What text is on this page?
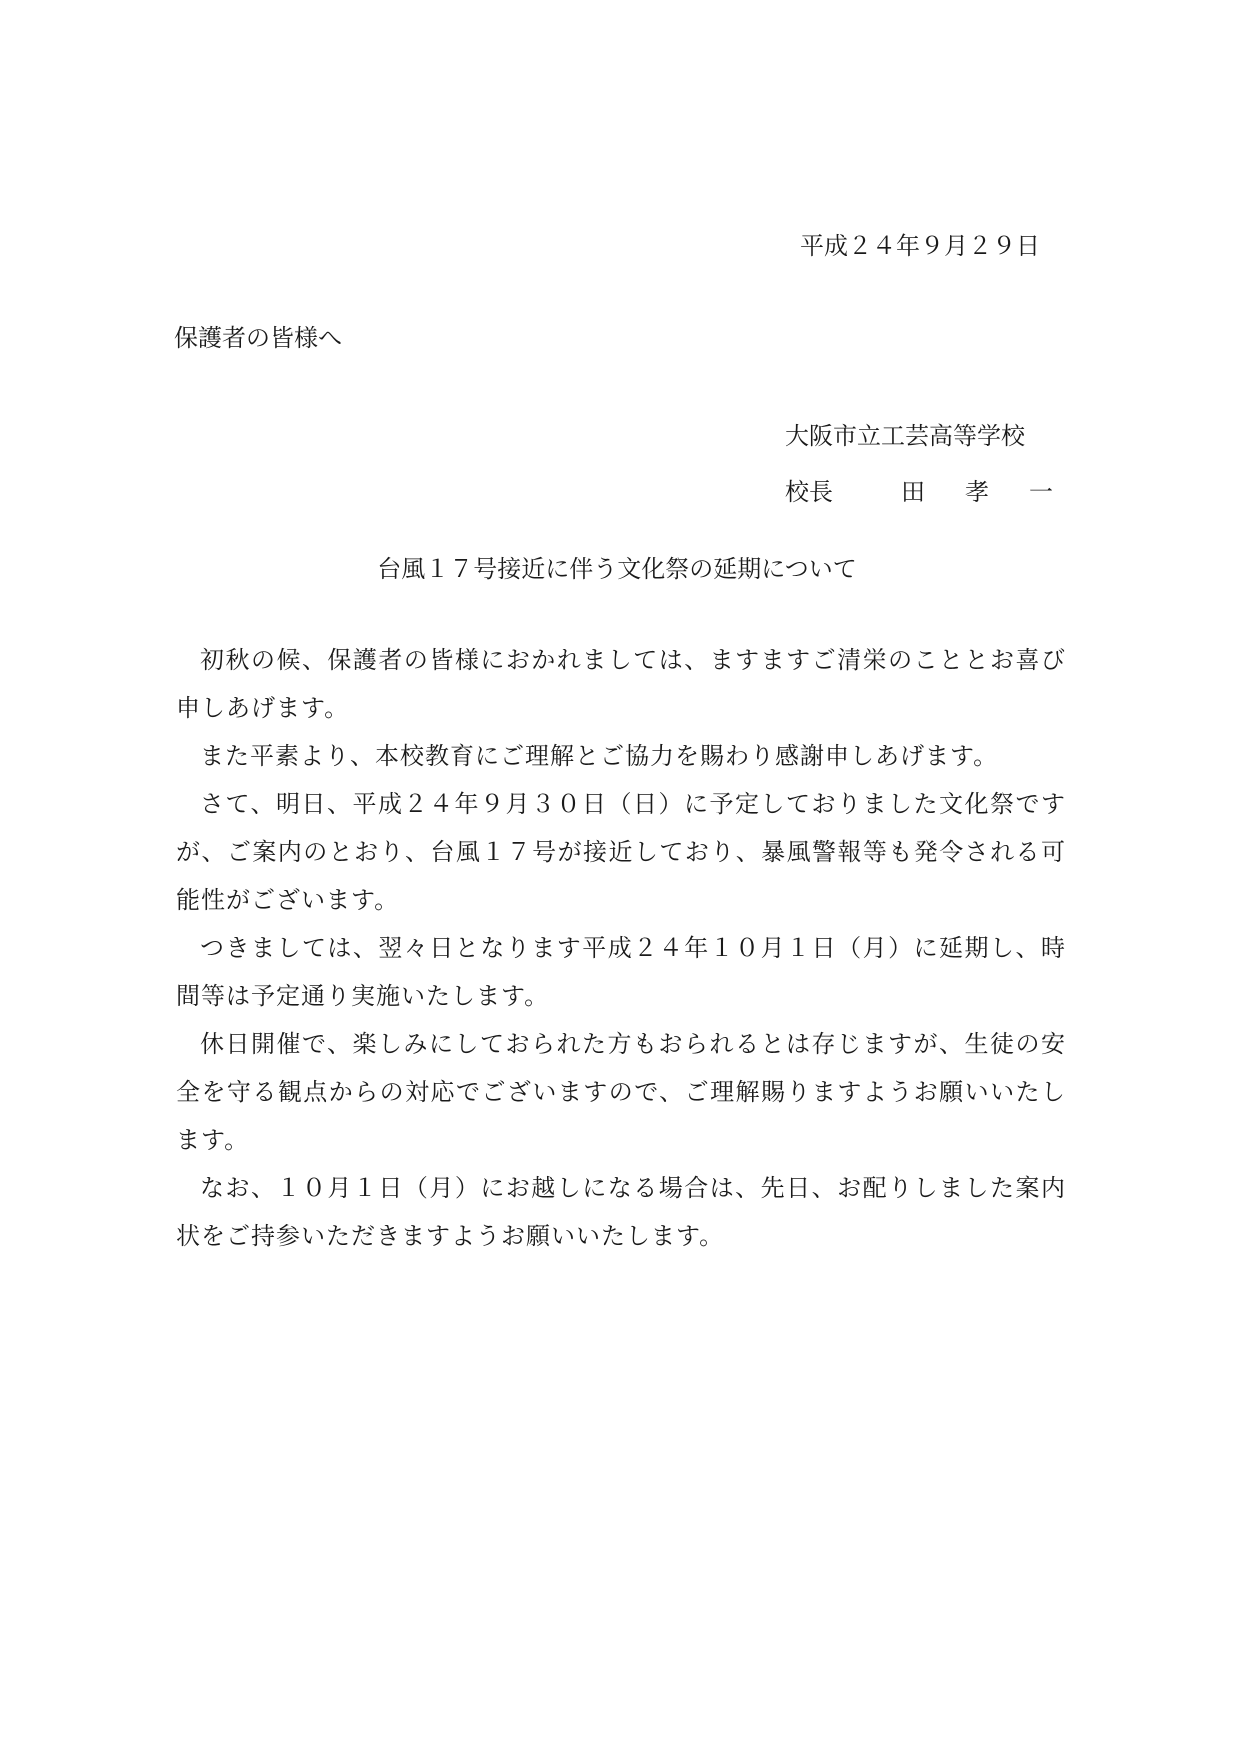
平成２４年９月２９日
保護者の皆様へ
大阪市立工芸高等学校
校長	田 孝 一
台風１７号接近に伴う文化祭の延期について

初秋の候、保護者の皆様におかれましては、ますますご清栄のこととお喜び申しあげます。

また平素より、本校教育にご理解とご協力を賜わり感謝申しあげます。

さて、明日、平成２４年９月３０日（日）に予定しておりました文化祭ですが、ご案内のとおり、台風１７号が接近しており、暴風警報等も発令される可能性がございます。

つきましては、翌々日となります平成２４年１０月１日（月）に延期し、時間等は予定通り実施いたします。

休日開催で、楽しみにしておられた方もおられるとは存じますが、生徒の安全を守る観点からの対応でございますので、ご理解賜りますようお願いいたします。

なお、１０月１日（月）にお越しになる場合は、先日、お配りしました案内状をご持参いただきますようお願いいたします。
